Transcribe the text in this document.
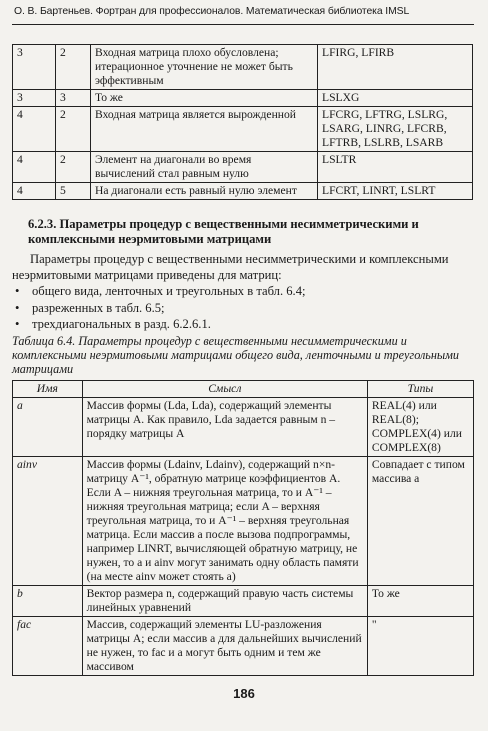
О. В. Бартеньев. Фортран для профессионалов. Математическая библиотека IMSL
3	2	Входная матрица плохо обусловлена; итерационное уточнение не может быть эффективным	LFIRG, LFIRB
3	3	То же	LSLXG
4	2	Входная матрица является вырожденной	LFCRG, LFTRG, LSLRG, LSARG, LINRG, LFCRB, LFTRB, LSLRB, LSARB
4	2	Элемент на диагонали во время вычислений стал равным нулю	LSLTR
4	5	На диагонали есть равный нулю элемент	LFCRT, LINRT, LSLRT
6.2.3. Параметры процедур с вещественными несимметрическими и комплексными неэрмитовыми матрицами
Параметры процедур с вещественными несимметрическими и комплексными неэрмитовыми матрицами приведены для матриц:
• общего вида, ленточных и треугольных в табл. 6.4;
• разреженных в табл. 6.5;
• трехдиагональных в разд. 6.2.6.1.
Таблица 6.4. Параметры процедур с вещественными несимметрическими и комплексными неэрмитовыми матрицами общего вида, ленточными и треугольными матрицами
Имя	Смысл	Типы
a	Массив формы (Lda, Lda), содержащий элементы матрицы A. Как правило, Lda задается равным n – порядку матрицы A	REAL(4) или REAL(8); COMPLEX(4) или COMPLEX(8)
ainv	Массив формы (Ldainv, Ldainv), содержащий n×n-матрицу A⁻¹, обратную матрице коэффициентов A. Если A – нижняя треугольная матрица, то и A⁻¹ – нижняя треугольная матрица; если A – верхняя треугольная матрица, то и A⁻¹ – верхняя треугольная матрица. Если массив a после вызова подпрограммы, например LINRT, вычисляющей обратную матрицу, не нужен, то a и ainv могут занимать одну область памяти (на месте ainv может стоять a)	Совпадает с типом массива a
b	Вектор размера n, содержащий правую часть системы линейных уравнений	То же
fac	Массив, содержащий элементы LU-разложения матрицы A; если массив a для дальнейших вычислений не нужен, то fac и a могут быть одним и тем же массивом	"
186
